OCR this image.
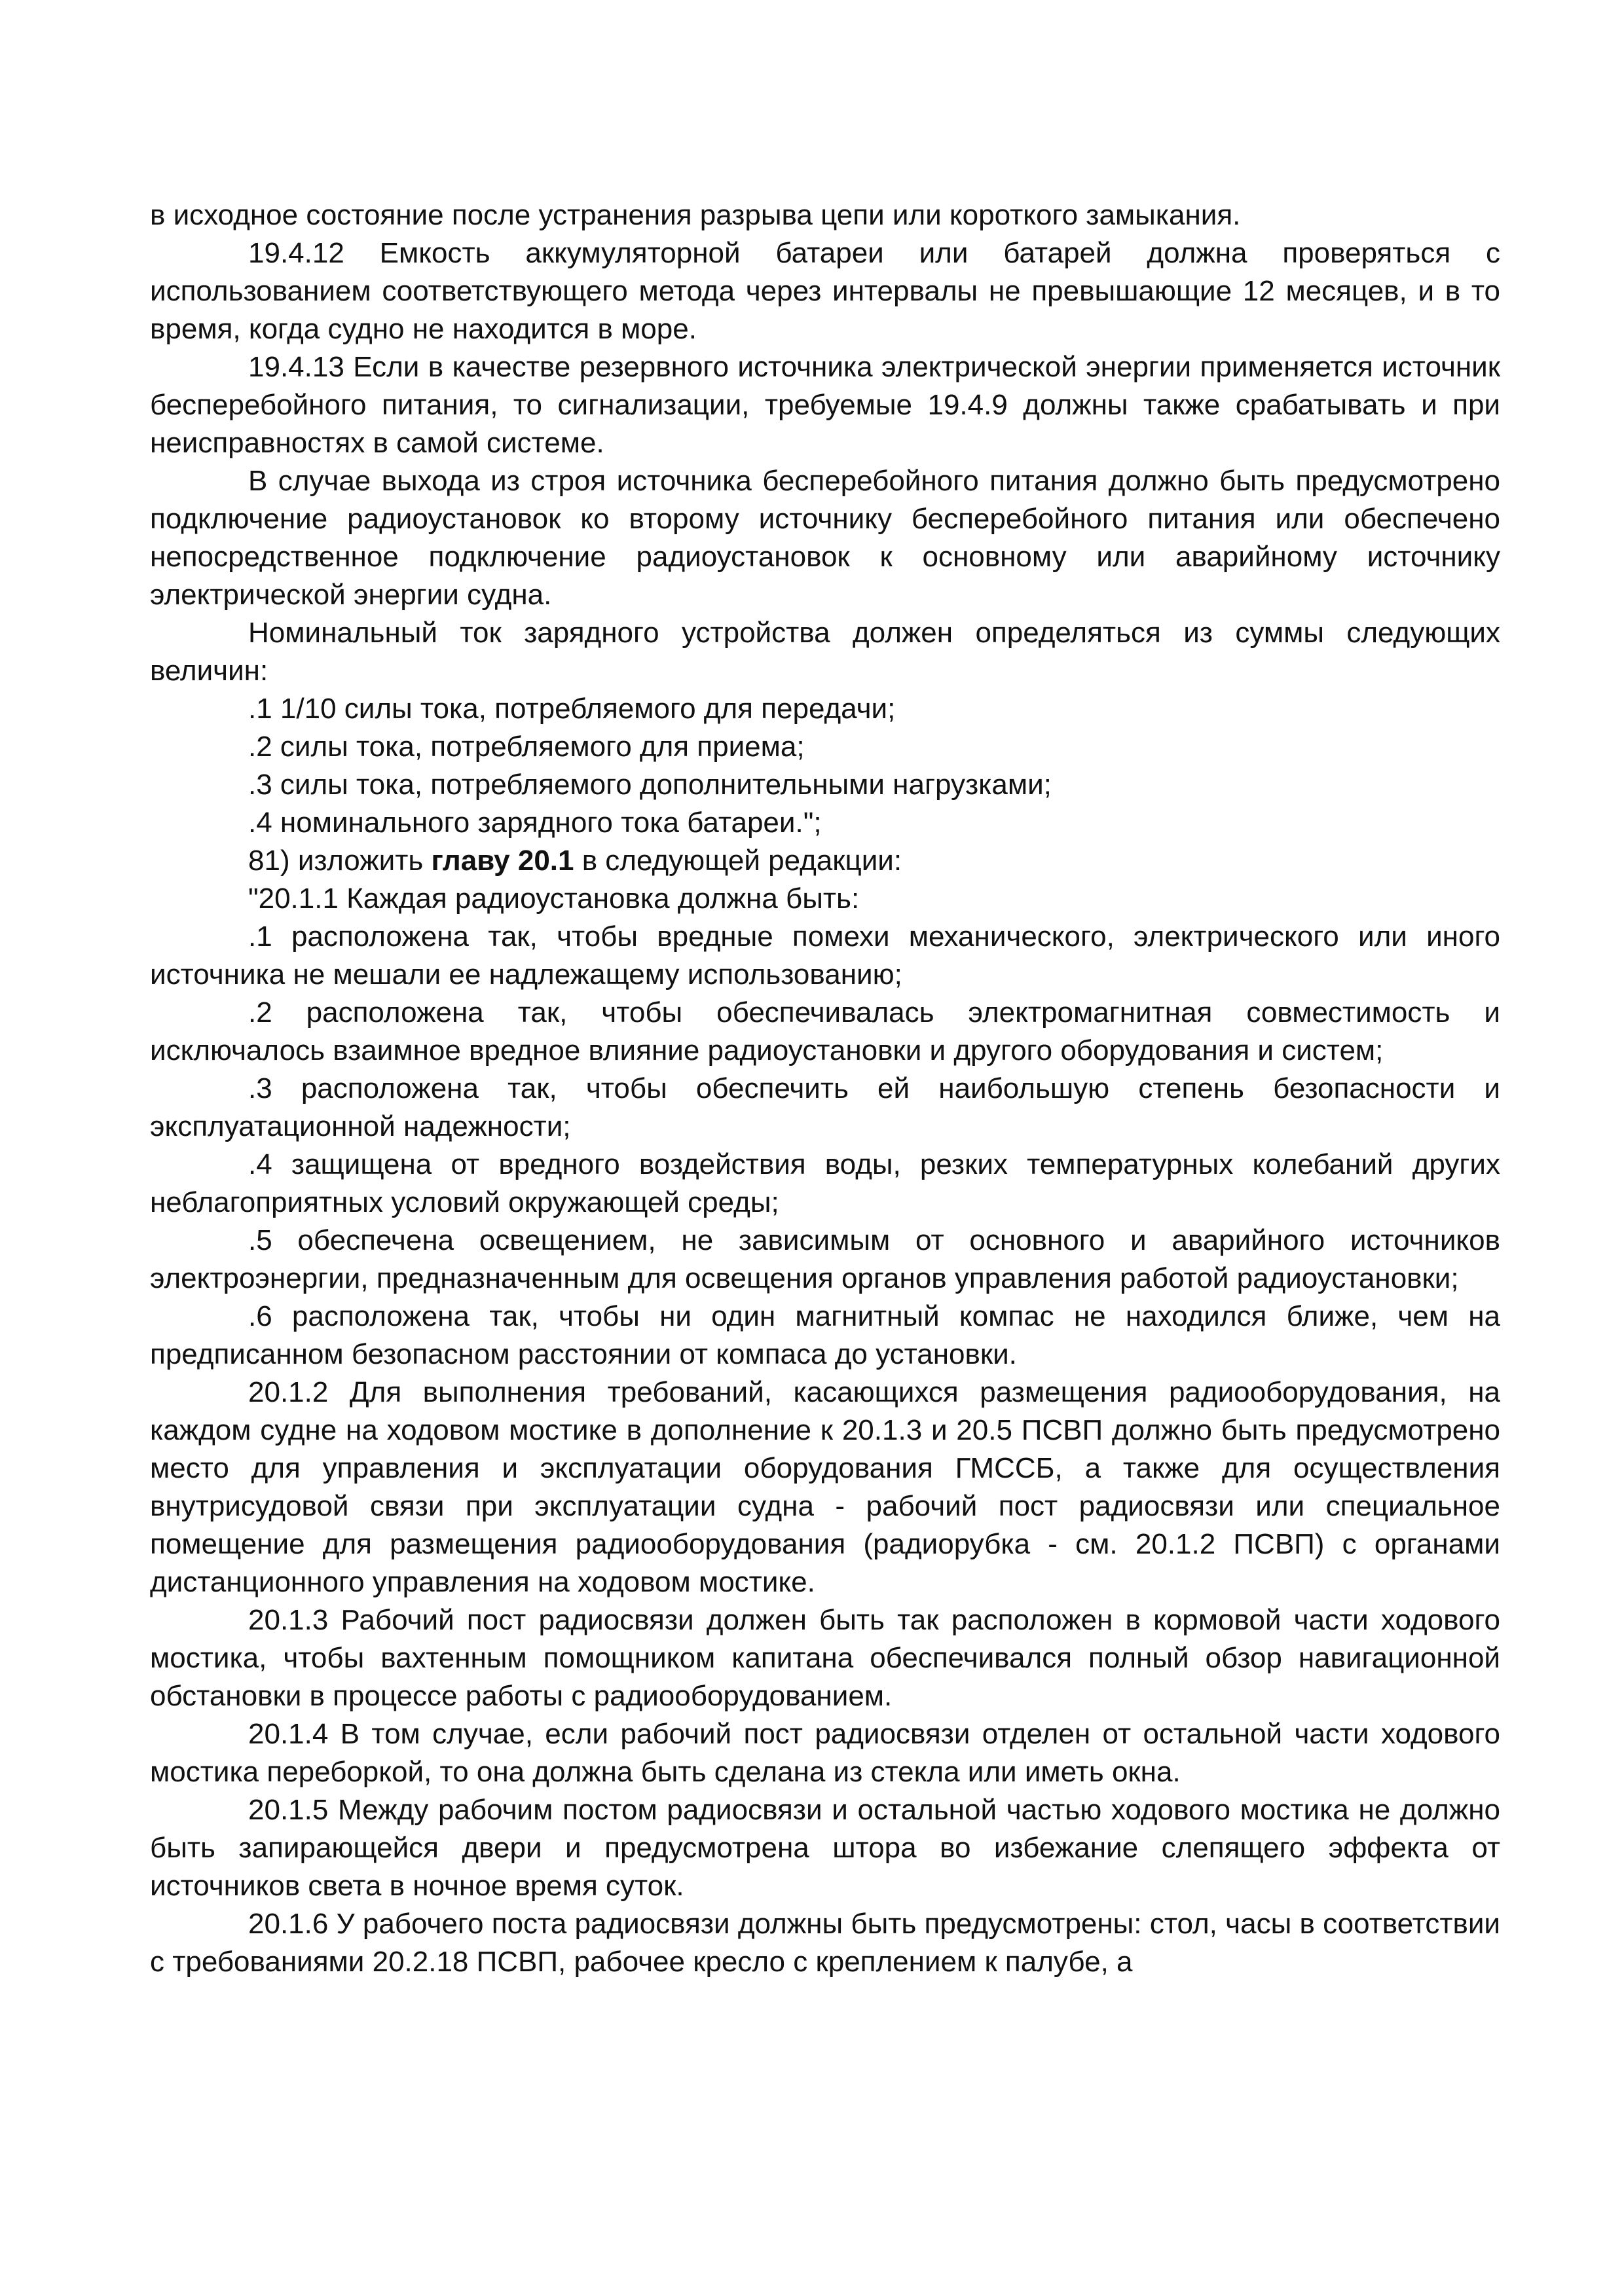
в исходное состояние после устранения разрыва цепи или короткого замыкания.

19.4.12 Емкость аккумуляторной батареи или батарей должна проверяться с использованием соответствующего метода через интервалы не превышающие 12 месяцев, и в то время, когда судно не находится в море.

19.4.13 Если в качестве резервного источника электрической энергии применяется источник бесперебойного питания, то сигнализации, требуемые 19.4.9 должны также срабатывать и при неисправностях в самой системе.

В случае выхода из строя источника бесперебойного питания должно быть предусмотрено подключение радиоустановок ко второму источнику бесперебойного питания или обеспечено непосредственное подключение радиоустановок к основному или аварийному источнику электрической энергии судна.

Номинальный ток зарядного устройства должен определяться из суммы следующих величин:

.1 1/10 силы тока, потребляемого для передачи;

.2 силы тока, потребляемого для приема;

.3 силы тока, потребляемого дополнительными нагрузками;

.4 номинального зарядного тока батареи.";

81) изложить главу 20.1 в следующей редакции:

"20.1.1 Каждая радиоустановка должна быть:

.1 расположена так, чтобы вредные помехи механического, электрического или иного источника не мешали ее надлежащему использованию;

.2 расположена так, чтобы обеспечивалась электромагнитная совместимость и исключалось взаимное вредное влияние радиоустановки и другого оборудования и систем;

.3 расположена так, чтобы обеспечить ей наибольшую степень безопасности и эксплуатационной надежности;

.4 защищена от вредного воздействия воды, резких температурных колебаний других неблагоприятных условий окружающей среды;

.5 обеспечена освещением, не зависимым от основного и аварийного источников электроэнергии, предназначенным для освещения органов управления работой радиоустановки;

.6 расположена так, чтобы ни один магнитный компас не находился ближе, чем на предписанном безопасном расстоянии от компаса до установки.

20.1.2 Для выполнения требований, касающихся размещения радиооборудования, на каждом судне на ходовом мостике в дополнение к 20.1.3 и 20.5 ПСВП должно быть предусмотрено место для управления и эксплуатации оборудования ГМССБ, а также для осуществления внутрисудовой связи при эксплуатации судна - рабочий пост радиосвязи или специальное помещение для размещения радиооборудования (радиорубка - см. 20.1.2 ПСВП) с органами дистанционного управления на ходовом мостике.

20.1.3 Рабочий пост радиосвязи должен быть так расположен в кормовой части ходового мостика, чтобы вахтенным помощником капитана обеспечивался полный обзор навигационной обстановки в процессе работы с радиооборудованием.

20.1.4 В том случае, если рабочий пост радиосвязи отделен от остальной части ходового мостика переборкой, то она должна быть сделана из стекла или иметь окна.

20.1.5 Между рабочим постом радиосвязи и остальной частью ходового мостика не должно быть запирающейся двери и предусмотрена штора во избежание слепящего эффекта от источников света в ночное время суток.

20.1.6 У рабочего поста радиосвязи должны быть предусмотрены: стол, часы в соответствии с требованиями 20.2.18 ПСВП, рабочее кресло с креплением к палубе, а
